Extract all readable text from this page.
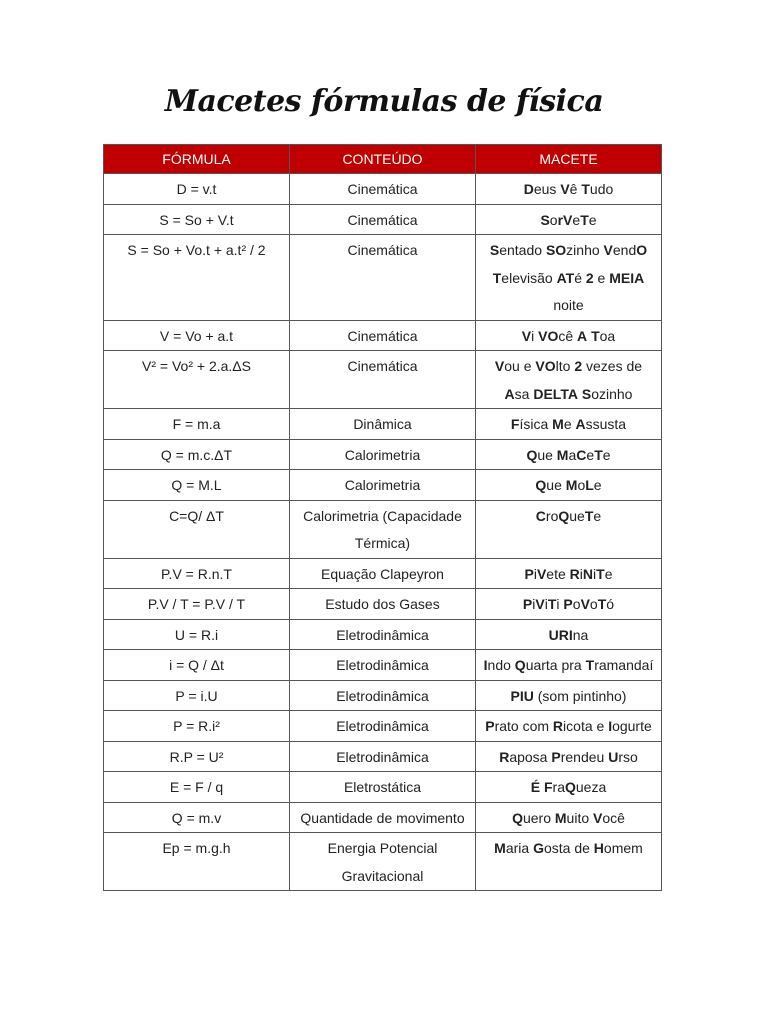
Macetes fórmulas de física
FÓRMULA	CONTEÚDO	MACETE
D = v.t	Cinemática	Deus Vê Tudo
S = So + V.t	Cinemática	SorVeTe
S = So + Vo.t + a.t² / 2	Cinemática	Sentado SOzinho VendO Televisão ATé 2 e MEIA noite
V = Vo + a.t	Cinemática	Vi VOcê A Toa
V² = Vo² + 2.a.ΔS	Cinemática	Vou e VOlto 2 vezes de Asa DELTA Sozinho
F = m.a	Dinâmica	Física Me Assusta
Q = m.c.ΔT	Calorimetria	Que MaCeTe
Q = M.L	Calorimetria	Que MoLe
C=Q/ ΔT	Calorimetria (Capacidade Térmica)	CroQueTe
P.V = R.n.T	Equação Clapeyron	PiVete RiNiTe
P.V / T = P.V / T	Estudo dos Gases	PiViTi PoVoTó
U = R.i	Eletrodinâmica	URIna
i = Q / Δt	Eletrodinâmica	Indo Quarta pra Tramandaí
P = i.U	Eletrodinâmica	PIU (som pintinho)
P = R.i²	Eletrodinâmica	Prato com Ricota e Iogurte
R.P = U²	Eletrodinâmica	Raposa Prendeu Urso
E = F / q	Eletrostática	É FraQueza
Q = m.v	Quantidade de movimento	Quero Muito Você
Ep = m.g.h	Energia Potencial Gravitacional	Maria Gosta de Homem
